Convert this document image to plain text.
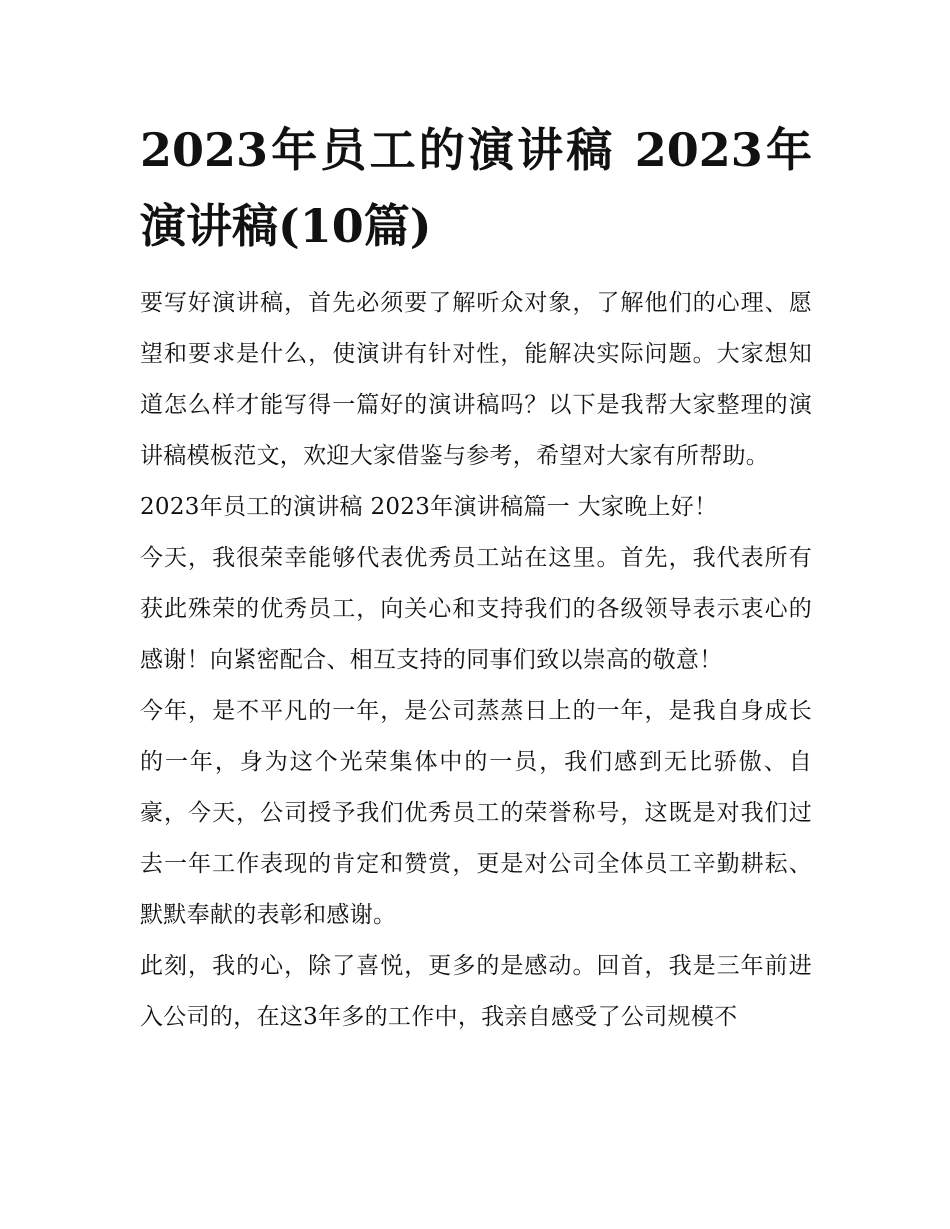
2023年员工的演讲稿 2023年演讲稿(10篇)

要写好演讲稿，首先必须要了解听众对象，了解他们的心理、愿望和要求是什么，使演讲有针对性，能解决实际问题。大家想知道怎么样才能写得一篇好的演讲稿吗？以下是我帮大家整理的演讲稿模板范文，欢迎大家借鉴与参考，希望对大家有所帮助。

2023年员工的演讲稿 2023年演讲稿篇一 大家晚上好！

今天，我很荣幸能够代表优秀员工站在这里。首先，我代表所有获此殊荣的优秀员工，向关心和支持我们的各级领导表示衷心的感谢！向紧密配合、相互支持的同事们致以崇高的敬意！

今年，是不平凡的一年，是公司蒸蒸日上的一年，是我自身成长的一年，身为这个光荣集体中的一员，我们感到无比骄傲、自豪，今天，公司授予我们优秀员工的荣誉称号，这既是对我们过去一年工作表现的肯定和赞赏，更是对公司全体员工辛勤耕耘、默默奉献的表彰和感谢。

此刻，我的心，除了喜悦，更多的是感动。回首，我是三年前进入公司的，在这3年多的工作中，我亲自感受了公司规模不
